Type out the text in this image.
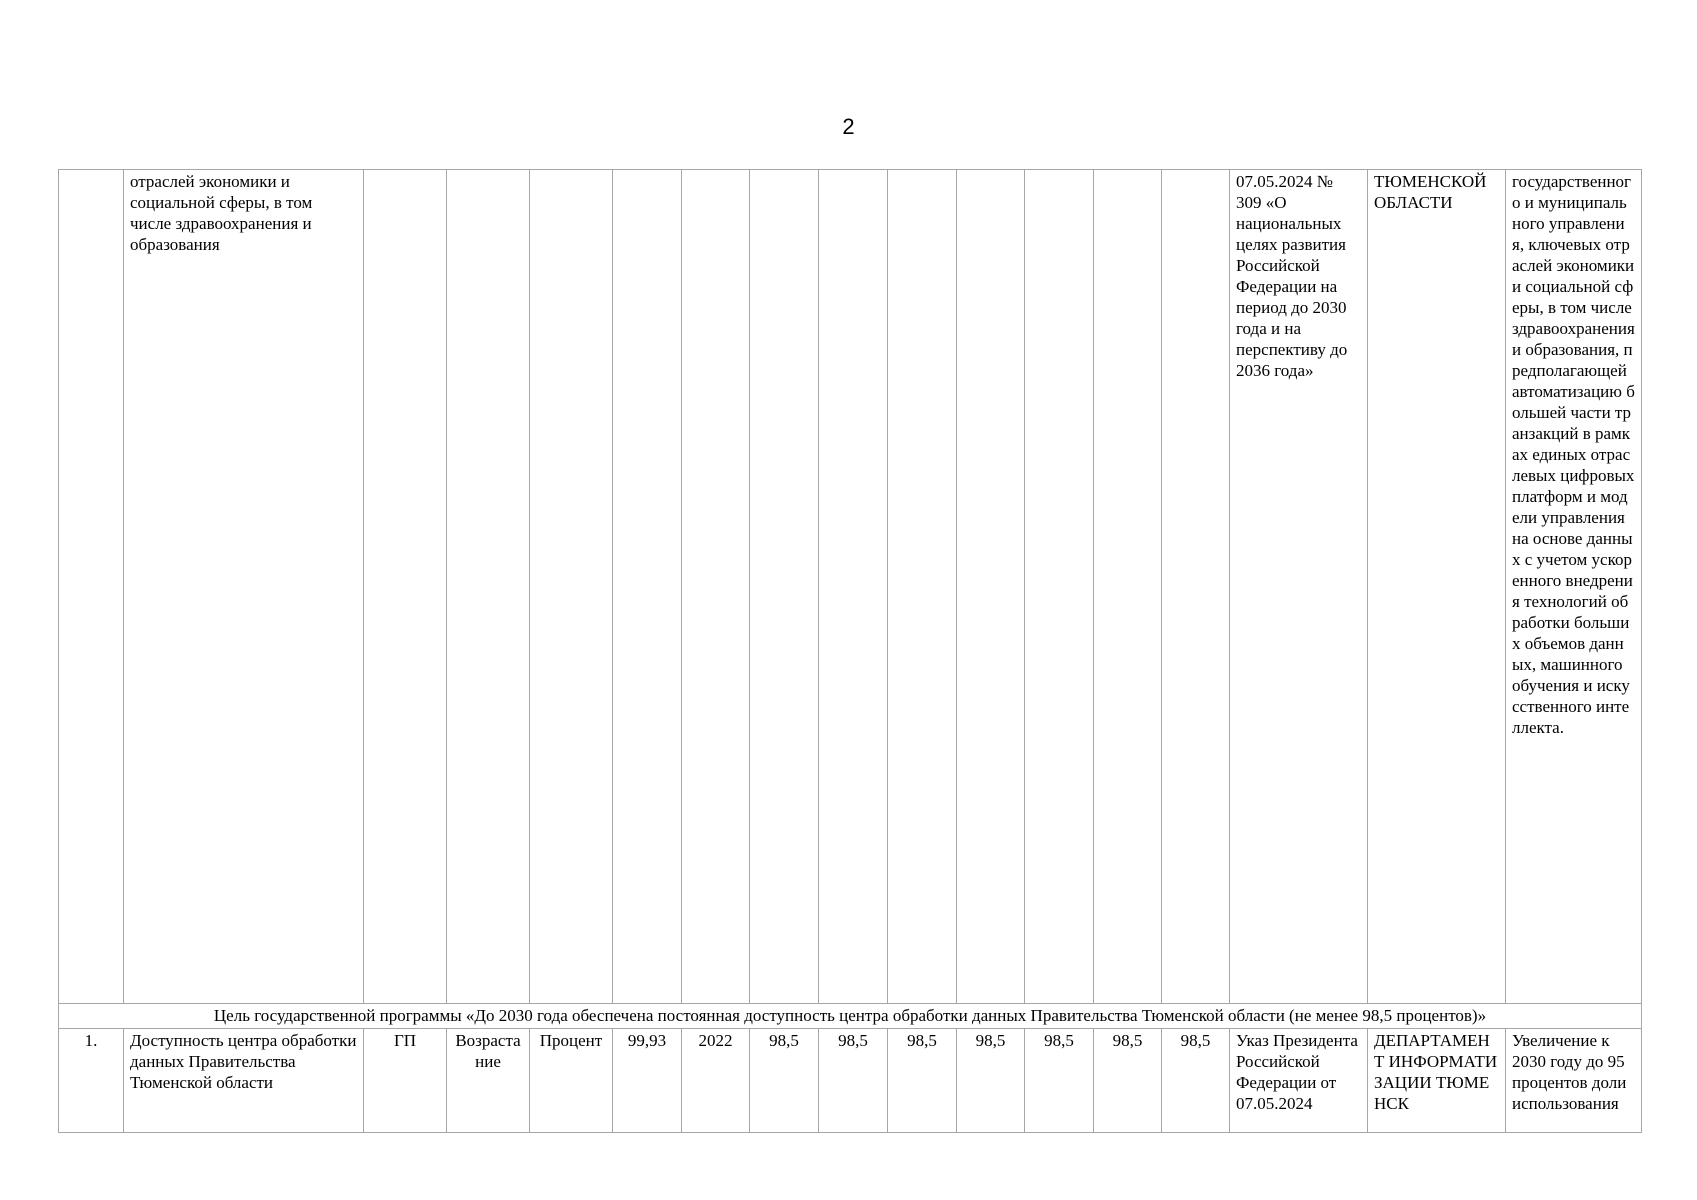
2
	отраслей экономики и социальной сферы, в том числе здравоохранения и образования													07.05.2024 № 309 «О национальных целях развития Российской Федерации на период до 2030 года и на перспективу до 2036 года»	ТЮМЕНСКОЙ ОБЛАСТИ	государственного и муниципального управления, ключевых отраслей экономики и социальной сферы, в том числе здравоохранения и образования, предполагающей автоматизацию большей части транзакций в рамках единых отраслевых цифровых платформ и модели управления на основе данных с учетом ускоренного внедрения технологий обработки больших объемов данных, машинного обучения и искусственного интеллекта.
Цель государственной программы «До 2030 года обеспечена постоянная доступность центра обработки данных Правительства Тюменской области (не менее 98,5 процентов)»																
1.	Доступность центра обработки данных Правительства Тюменской области	ГП	Возрастание	Процент	99,93	2022	98,5	98,5	98,5	98,5	98,5	98,5	98,5	Указ Президента Российской Федерации от 07.05.2024	ДЕПАРТАМЕНТ ИНФОРМАТИЗАЦИИ ТЮМЕНСК	Увеличение к 2030 году до 95 процентов доли использования
